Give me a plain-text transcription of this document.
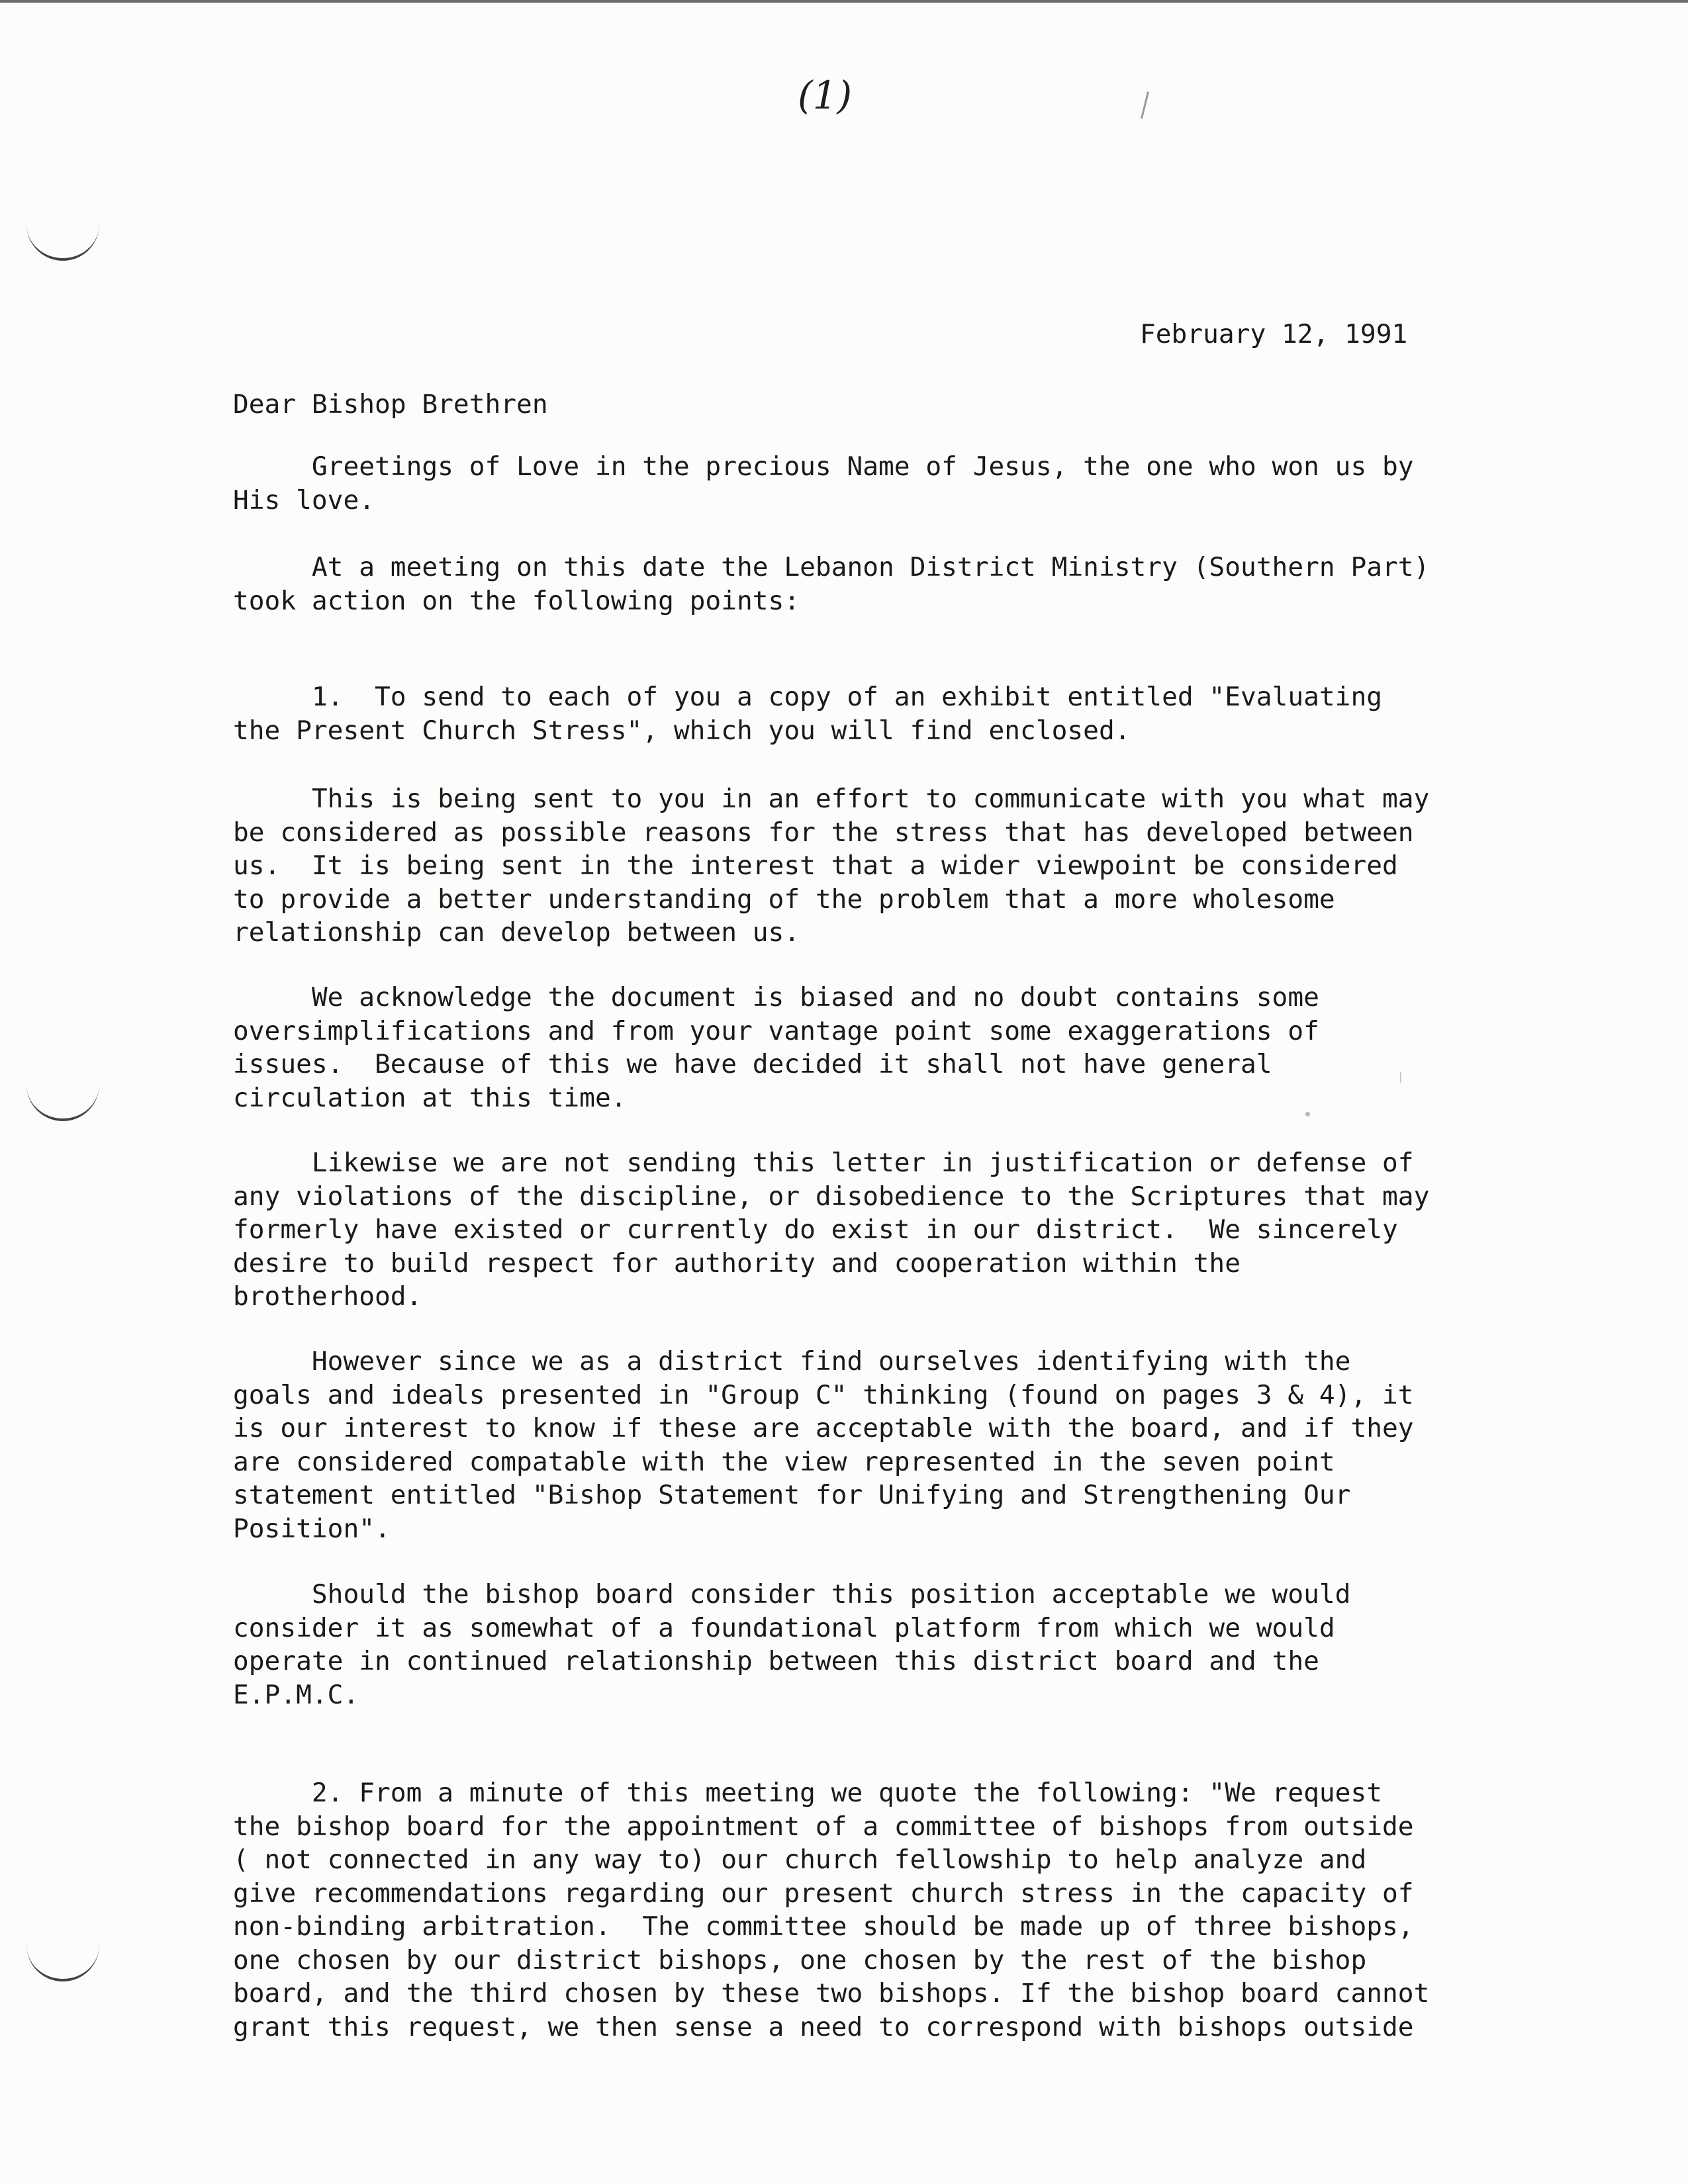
(1)
February 12, 1991
Dear Bishop Brethren

Greetings of Love in the precious Name of Jesus, the one who won us by
His love.

At a meeting on this date the Lebanon District Ministry (Southern Part)
took action on the following points:

1.  To send to each of you a copy of an exhibit entitled "Evaluating
the Present Church Stress", which you will find enclosed.

This is being sent to you in an effort to communicate with you what may
be considered as possible reasons for the stress that has developed between
us.  It is being sent in the interest that a wider viewpoint be considered
to provide a better understanding of the problem that a more wholesome
relationship can develop between us.

We acknowledge the document is biased and no doubt contains some
oversimplifications and from your vantage point some exaggerations of
issues.  Because of this we have decided it shall not have general
circulation at this time.

Likewise we are not sending this letter in justification or defense of
any violations of the discipline, or disobedience to the Scriptures that may
formerly have existed or currently do exist in our district.  We sincerely
desire to build respect for authority and cooperation within the
brotherhood.

However since we as a district find ourselves identifying with the
goals and ideals presented in "Group C" thinking (found on pages 3 & 4), it
is our interest to know if these are acceptable with the board, and if they
are considered compatable with the view represented in the seven point
statement entitled "Bishop Statement for Unifying and Strengthening Our
Position".

Should the bishop board consider this position acceptable we would
consider it as somewhat of a foundational platform from which we would
operate in continued relationship between this district board and the
E.P.M.C.

2. From a minute of this meeting we quote the following: "We request
the bishop board for the appointment of a committee of bishops from outside
( not connected in any way to) our church fellowship to help analyze and
give recommendations regarding our present church stress in the capacity of
non-binding arbitration.  The committee should be made up of three bishops,
one chosen by our district bishops, one chosen by the rest of the bishop
board, and the third chosen by these two bishops. If the bishop board cannot
grant this request, we then sense a need to correspond with bishops outside
